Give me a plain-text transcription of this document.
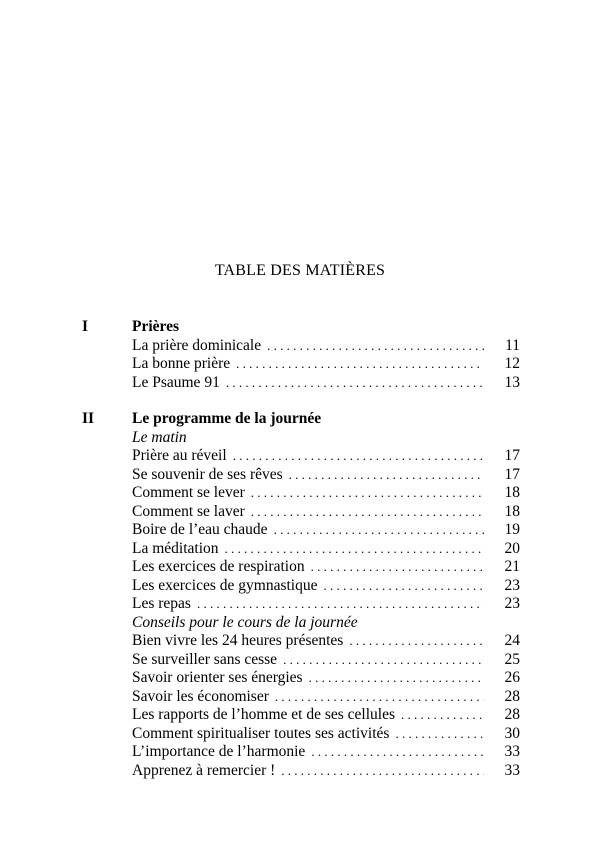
TABLE DES MATIÈRES
I	Prières
La prière dominicale . . .	11
La bonne prière . . .	12
Le Psaume 91 . . .	13
II Le programme de la journée
Le matin
Prière au réveil . . .	17
Se souvenir de ses rêves . . .	17
Comment se lever . . .	18
Comment se laver . . .	18
Boire de l’eau chaude . . .	19
La méditation . . .	20
Les exercices de respiration . . .	21
Les exercices de gymnastique . . .	23
Les repas . . .	23
Conseils pour le cours de la journée
Bien vivre les 24 heures présentes . . .	24
Se surveiller sans cesse . . .	25
Savoir orienter ses énergies . . .	26
Savoir les économiser . . .	28
Les rapports de l’homme et de ses cellules . . .	28
Comment spiritualiser toutes ses activités . . .	30
L’importance de l’harmonie . . .	33
Apprenez à remercier ! . . .	33
